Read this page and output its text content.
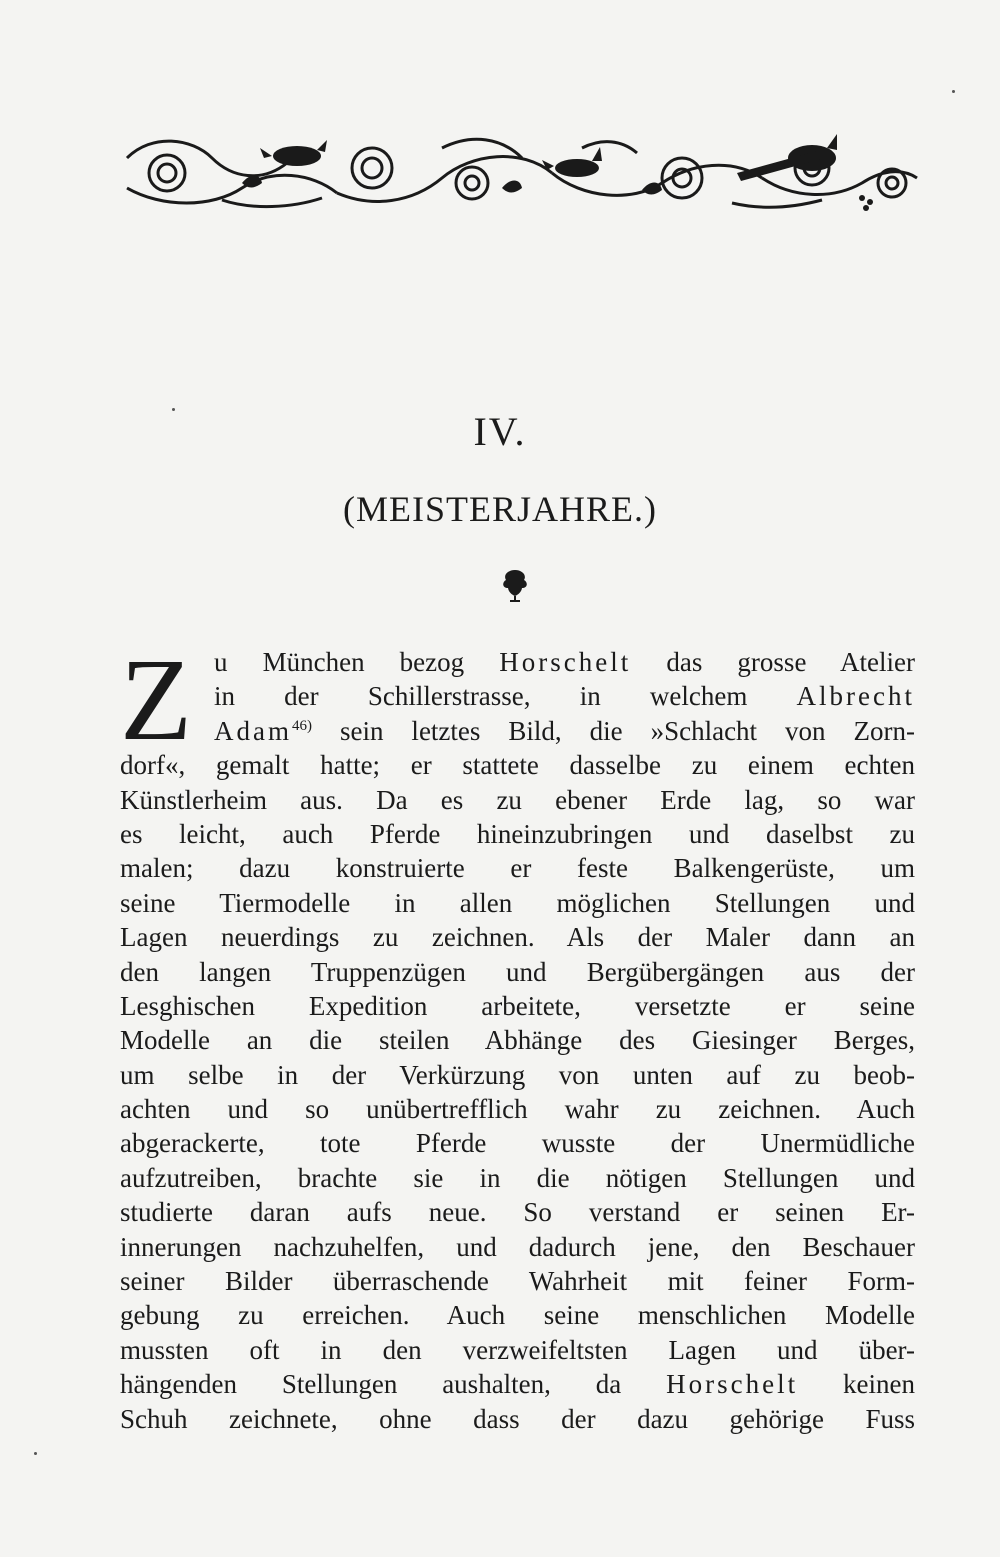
IV.
(MEISTERJAHRE.)
Z u München bezog Horschelt das grosse Atelier
in der Schillerstrasse, in welchem Albrecht
Adam$^{46)}$ sein letztes Bild, die »Schlacht von Zorn-
dorf«, gemalt hatte; er stattete dasselbe zu einem echten
Künstlerheim aus. Da es zu ebener Erde lag, so war
es leicht, auch Pferde hineinzubringen und daselbst zu
malen; dazu konstruierte er feste Balkengerüste, um
seine Tiermodelle in allen möglichen Stellungen und
Lagen neuerdings zu zeichnen. Als der Maler dann an
den langen Truppenzügen und Bergübergängen aus der
Lesghischen Expedition arbeitete, versetzte er seine
Modelle an die steilen Abhänge des Giesinger Berges,
um selbe in der Verkürzung von unten auf zu beob-
achten und so unübertrefflich wahr zu zeichnen. Auch
abgerackerte, tote Pferde wusste der Unermüdliche
aufzutreiben, brachte sie in die nötigen Stellungen und
studierte daran aufs neue. So verstand er seinen Er-
innerungen nachzuhelfen, und dadurch jene, den Beschauer
seiner Bilder überraschende Wahrheit mit feiner Form-
gebung zu erreichen. Auch seine menschlichen Modelle
mussten oft in den verzweifeltsten Lagen und über-
hängenden Stellungen aushalten, da Horschelt keinen
Schuh zeichnete, ohne dass der dazu gehörige Fuss
